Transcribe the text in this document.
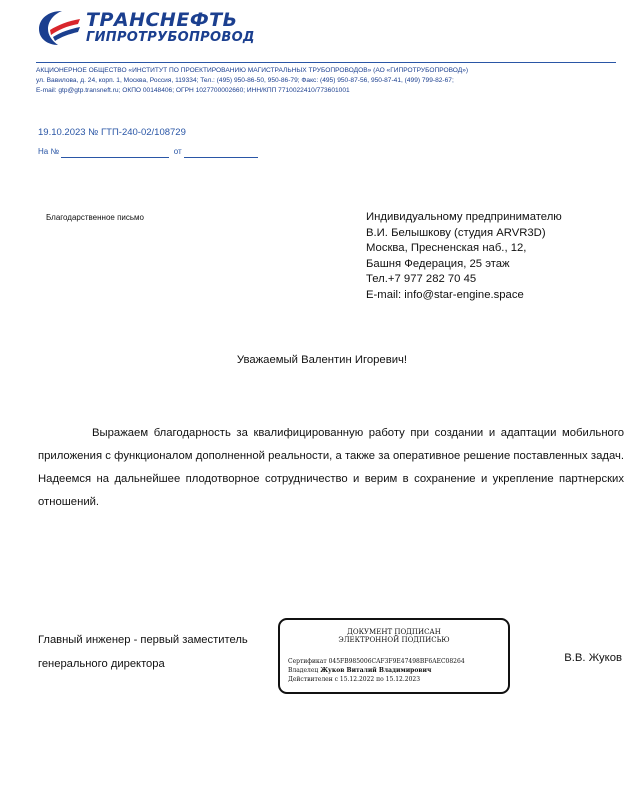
ТРАНСНЕФТЬ
ГИПРОТРУБОПРОВОД
АКЦИОНЕРНОЕ ОБЩЕСТВО «ИНСТИТУТ ПО ПРОЕКТИРОВАНИЮ МАГИСТРАЛЬНЫХ ТРУБОПРОВОДОВ» (АО «ГИПРОТРУБОПРОВОД»)
ул. Вавилова, д. 24, корп. 1, Москва, Россия, 119334; Тел.: (495) 950-86-50, 950-86-79; Факс: (495) 950-87-56, 950-87-41, (499) 799-82-67;
E-mail: gtp@gtp.transneft.ru; ОКПО 00148406; ОГРН 1027700002660; ИНН/КПП 7710022410/773601001
19.10.2023 № ГТП-240-02/108729
На №	от
Благодарственное письмо	Индивидуальному предпринимателю
В.И. Белышкову (студия ARVR3D)
Москва, Пресненская наб., 12,
Башня Федерация, 25 этаж
Тел.+7 977 282 70 45
E-mail: info@star-engine.space
Уважаемый Валентин Игоревич!
Выражаем благодарность за квалифицированную работу при создании и адаптации мобильного приложения с функционалом дополненной реальности, а также за оперативное решение поставленных задач. Надеемся на дальнейшее плодотворное сотрудничество и верим в сохранение и укрепление партнерских отношений.
Главный инженер - первый заместитель
генерального директора
ДОКУМЕНТ ПОДПИСАН
ЭЛЕКТРОННОЙ ПОДПИСЬЮ
Сертификат 045FB985006CAF3F9E47498BF6AEC08264
Владелец Жуков Виталий Владимирович
Действителен с 15.12.2022 по 15.12.2023
В.В. Жуков
